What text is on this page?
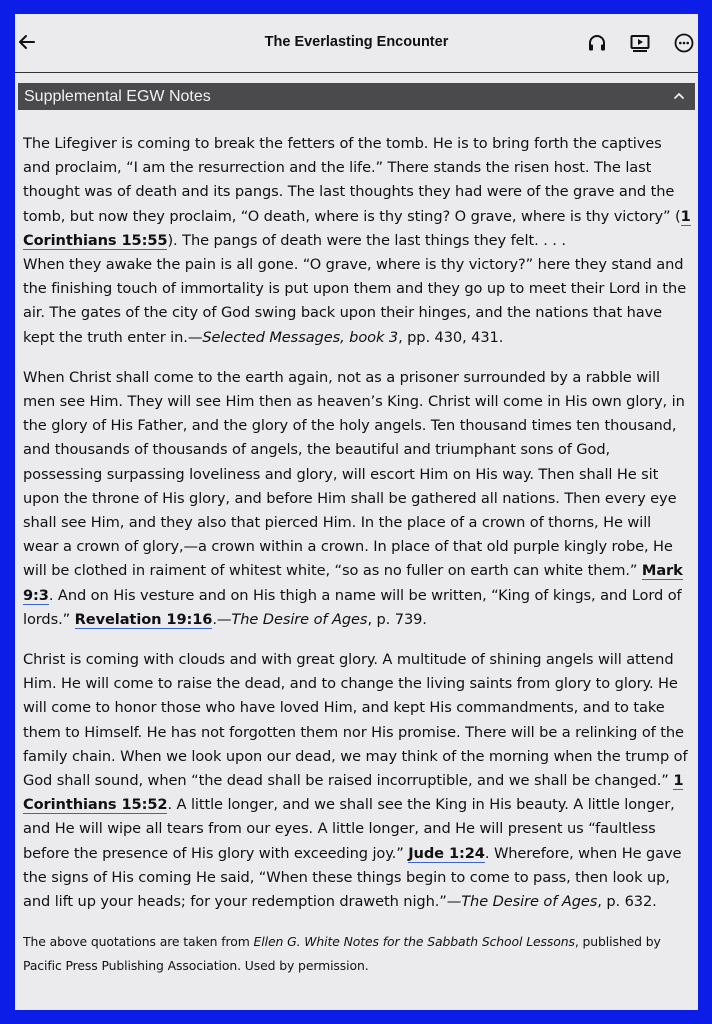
The Everlasting Encounter
Supplemental EGW Notes

The Lifegiver is coming to break the fetters of the tomb. He is to bring forth the captives and proclaim, “I am the resurrection and the life.” There stands the risen host. The last thought was of death and its pangs. The last thoughts they had were of the grave and the tomb, but now they proclaim, “O death, where is thy sting? O grave, where is thy victory” (1 Corinthians 15:55). The pangs of death were the last things they felt. . . .
When they awake the pain is all gone. “O grave, where is thy victory?” here they stand and the finishing touch of immortality is put upon them and they go up to meet their Lord in the air. The gates of the city of God swing back upon their hinges, and the nations that have kept the truth enter in.—Selected Messages, book 3, pp. 430, 431.

When Christ shall come to the earth again, not as a prisoner surrounded by a rabble will men see Him. They will see Him then as heaven’s King. Christ will come in His own glory, in the glory of His Father, and the glory of the holy angels. Ten thousand times ten thousand, and thousands of thousands of angels, the beautiful and triumphant sons of God, possessing surpassing loveliness and glory, will escort Him on His way. Then shall He sit upon the throne of His glory, and before Him shall be gathered all nations. Then every eye shall see Him, and they also that pierced Him. In the place of a crown of thorns, He will wear a crown of glory,—a crown within a crown. In place of that old purple kingly robe, He will be clothed in raiment of whitest white, “so as no fuller on earth can white them.” Mark 9:3. And on His vesture and on His thigh a name will be written, “King of kings, and Lord of lords.” Revelation 19:16.—The Desire of Ages, p. 739.

Christ is coming with clouds and with great glory. A multitude of shining angels will attend Him. He will come to raise the dead, and to change the living saints from glory to glory. He will come to honor those who have loved Him, and kept His commandments, and to take them to Himself. He has not forgotten them nor His promise. There will be a relinking of the family chain. When we look upon our dead, we may think of the morning when the trump of God shall sound, when “the dead shall be raised incorruptible, and we shall be changed.” 1 Corinthians 15:52. A little longer, and we shall see the King in His beauty. A little longer, and He will wipe all tears from our eyes. A little longer, and He will present us “faultless before the presence of His glory with exceeding joy.” Jude 1:24. Wherefore, when He gave the signs of His coming He said, “When these things begin to come to pass, then look up, and lift up your heads; for your redemption draweth nigh.”—The Desire of Ages, p. 632.

The above quotations are taken from Ellen G. White Notes for the Sabbath School Lessons, published by Pacific Press Publishing Association. Used by permission.
